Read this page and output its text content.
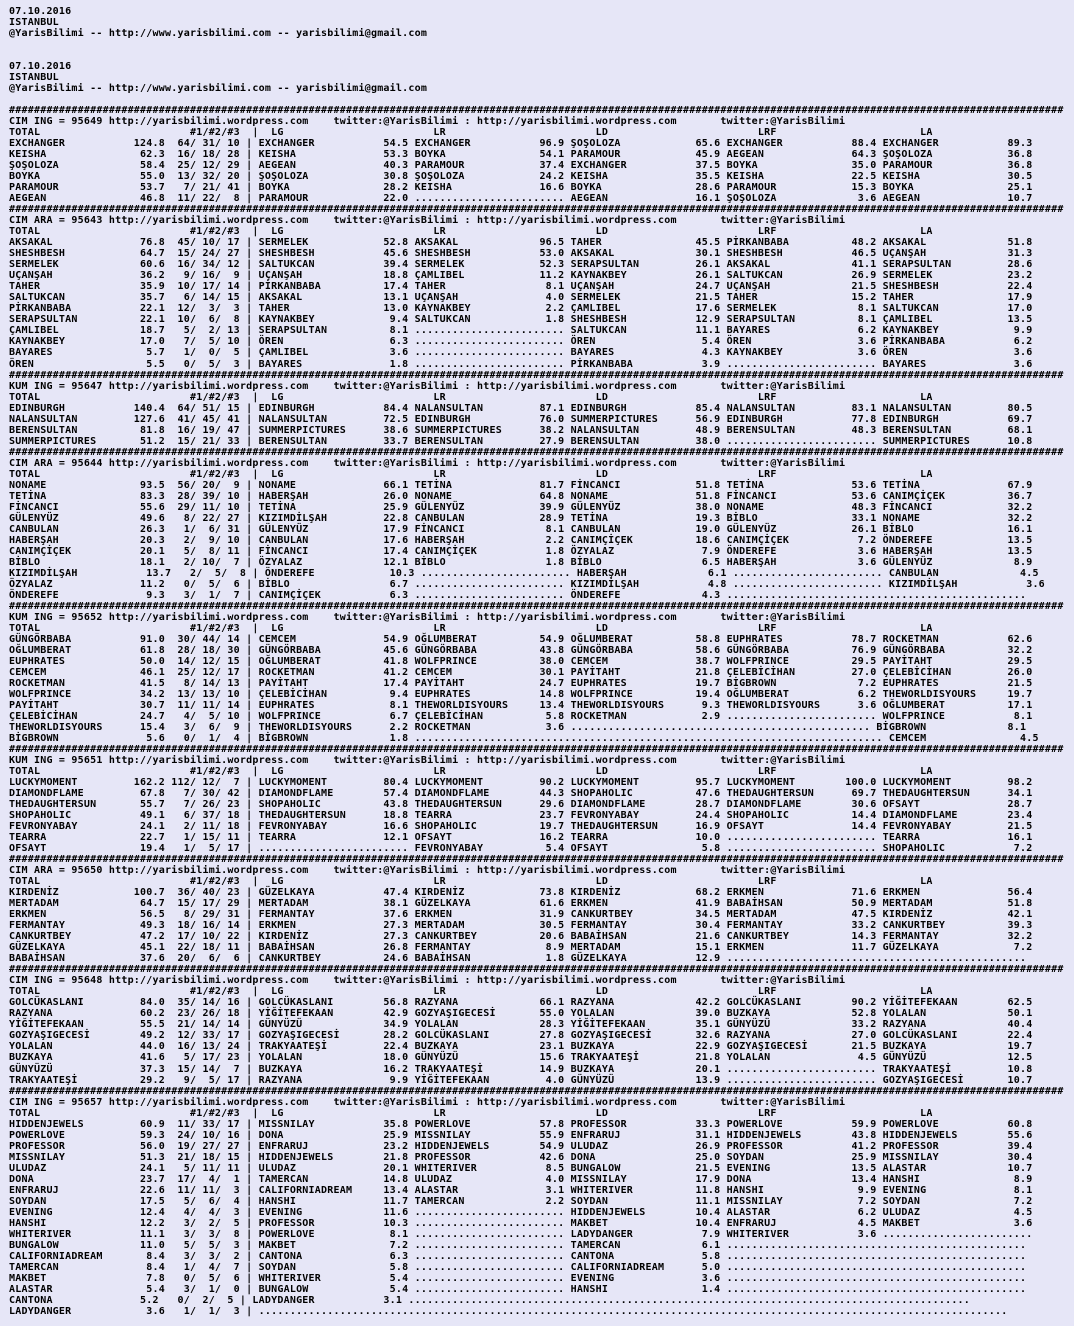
07.10.2016
ISTANBUL
@YarisBilimi -- http://www.yarisbilimi.com -- yarisbilimi@gmail.com

07.10.2016
ISTANBUL
@YarisBilimi -- http://www.yarisbilimi.com -- yarisbilimi@gmail.com

#########################################################################################################################################################################
CIM ING = 95649 http://yarisbilimi.wordpress.com    twitter:@YarisBilimi : http://yarisbilimi.wordpress.com       twitter:@YarisBilimi
TOTAL                        #1/#2/#3  |  LG                        LR                        LD                        LRF                       LA
EXCHANGER           124.8  64/ 31/ 10 | EXCHANGER           54.5 EXCHANGER           96.9 ŞOŞOLOZA            65.6 EXCHANGER           88.4 EXCHANGER           89.3
KEISHA               62.3  16/ 18/ 28 | KEISHA              53.3 BOYKA               54.1 PARAMOUR            45.9 AEGEAN              64.3 ŞOŞOLOZA            36.8
ŞOŞOLOZA             58.4  25/ 12/ 29 | AEGEAN              40.3 PARAMOUR            37.4 EXCHANGER           37.5 BOYKA               35.0 PARAMOUR            36.8
BOYKA                55.0  13/ 32/ 20 | ŞOŞOLOZA            30.8 ŞOŞOLOZA            24.2 KEISHA              35.5 KEISHA              22.5 KEISHA              30.5
PARAMOUR             53.7   7/ 21/ 41 | BOYKA               28.2 KEISHA              16.6 BOYKA               28.6 PARAMOUR            15.3 BOYKA               25.1
AEGEAN               46.8  11/ 22/  8 | PARAMOUR            22.0 ........................ AEGEAN              16.1 ŞOŞOLOZA             3.6 AEGEAN              10.7
#########################################################################################################################################################################
CIM ARA = 95643 http://yarisbilimi.wordpress.com    twitter:@YarisBilimi : http://yarisbilimi.wordpress.com       twitter:@YarisBilimi
TOTAL                        #1/#2/#3  |  LG                        LR                        LD                        LRF                       LA
AKSAKAL              76.8  45/ 10/ 17 | SERMELEK            52.8 AKSAKAL             96.5 TAHER               45.5 PİRKANBABA          48.2 AKSAKAL             51.8
SHESHBESH            64.7  15/ 24/ 27 | SHESHBESH           45.6 SHESHBESH           53.0 AKSAKAL             30.1 SHESHBESH           46.5 UÇANŞAH             31.3
SERMELEK             60.6  16/ 34/ 12 | SALTUKCAN           39.4 SERMELEK            52.3 SERAPSULTAN         26.1 AKSAKAL             41.1 SERAPSULTAN         28.6
UÇANŞAH              36.2   9/ 16/  9 | UÇANŞAH             18.8 ÇAMLIBEL            11.2 KAYNAKBEY           26.1 SALTUKCAN           26.9 SERMELEK            23.2
TAHER                35.9  10/ 17/ 14 | PİRKANBABA          17.4 TAHER                8.1 UÇANŞAH             24.7 UÇANŞAH             21.5 SHESHBESH           22.4
SALTUKCAN            35.7   6/ 14/ 15 | AKSAKAL             13.1 UÇANŞAH              4.0 SERMELEK            21.5 TAHER               15.2 TAHER               17.9
PİRKANBABA           22.1  12/  3/  3 | TAHER               13.0 KAYNAKBEY            2.2 ÇAMLIBEL            17.6 SERMELEK             8.1 SALTUKCAN           17.0
SERAPSULTAN          22.1  10/  6/  8 | KAYNAKBEY            9.4 SALTUKCAN            1.8 SHESHBESH           12.9 SERAPSULTAN          8.1 ÇAMLIBEL            13.5
ÇAMLIBEL             18.7   5/  2/ 13 | SERAPSULTAN          8.1 ........................ SALTUKCAN           11.1 BAYARES              6.2 KAYNAKBEY            9.9
KAYNAKBEY            17.0   7/  5/ 10 | ÖREN                 6.3 ........................ ÖREN                 5.4 ÖREN                 3.6 PİRKANBABA           6.2
BAYARES               5.7   1/  0/  5 | ÇAMLIBEL             3.6 ........................ BAYARES              4.3 KAYNAKBEY            3.6 ÖREN                 3.6
ÖREN                  5.5   0/  5/  3 | BAYARES              1.8 ........................ PİRKANBABA           3.9 ........................ BAYARES              3.6
#########################################################################################################################################################################
KUM ING = 95647 http://yarisbilimi.wordpress.com    twitter:@YarisBilimi : http://yarisbilimi.wordpress.com       twitter:@YarisBilimi
TOTAL                        #1/#2/#3  |  LG                        LR                        LD                        LRF                       LA
EDINBURGH           140.4  64/ 51/ 15 | EDINBURGH           84.4 NALANSULTAN         87.1 EDINBURGH           85.4 NALANSULTAN         83.1 NALANSULTAN         80.5
NALANSULTAN         127.6  41/ 45/ 41 | NALANSULTAN         72.5 EDINBURGH           76.0 SUMMERPICTURES      56.9 EDINBURGH           77.8 EDINBURGH           69.7
BERENSULTAN          81.8  16/ 19/ 47 | SUMMERPICTURES      38.6 SUMMERPICTURES      38.2 NALANSULTAN         48.9 BERENSULTAN         48.3 BERENSULTAN         68.1
SUMMERPICTURES       51.2  15/ 21/ 33 | BERENSULTAN         33.7 BERENSULTAN         27.9 BERENSULTAN         38.0 ........................ SUMMERPICTURES      10.8
#########################################################################################################################################################################
CIM ARA = 95644 http://yarisbilimi.wordpress.com    twitter:@YarisBilimi : http://yarisbilimi.wordpress.com       twitter:@YarisBilimi
TOTAL                        #1/#2/#3  |  LG                        LR                        LD                        LRF                       LA
NONAME               93.5  56/ 20/  9 | NONAME              66.1 TETİNA              81.7 FİNCANCI            51.8 TETİNA              53.6 TETİNA              67.9
TETİNA               83.3  28/ 39/ 10 | HABERŞAH            26.0 NONAME              64.8 NONAME              51.8 FİNCANCI            53.6 CANIMÇİÇEK          36.7
FİNCANCI             55.6  29/ 11/ 10 | TETİNA              25.9 GÜLENYÜZ            39.9 GÜLENYÜZ            38.0 NONAME              48.3 FİNCANCI            32.2
GÜLENYÜZ             49.6   8/ 22/ 27 | KIZIMDİLŞAH         22.8 CANBULAN            28.9 TETİNA              19.3 BİBLO               33.1 NONAME              32.2
CANBULAN             26.3   1/  6/ 31 | GÜLENYÜZ            17.9 FİNCANCI             8.1 CANBULAN            19.0 GÜLENYÜZ            26.1 BİBLO               16.1
HABERŞAH             20.3   2/  9/ 10 | CANBULAN            17.6 HABERŞAH             2.2 CANIMÇİÇEK          18.6 CANIMÇİÇEK           7.2 ÖNDEREFE            13.5
CANIMÇİÇEK           20.1   5/  8/ 11 | FİNCANCI            17.4 CANIMÇİÇEK           1.8 ÖZYALAZ              7.9 ÖNDEREFE             3.6 HABERŞAH            13.5
BİBLO                18.1   2/ 10/  7 | ÖZYALAZ             12.1 BİBLO                1.8 BİBLO                6.5 HABERŞAH             3.6 GÜLENYÜZ             8.9
KIZIMDİLŞAH           13.7   2/  5/  8 | ÖNDEREFE            10.3 ........................ HABERŞAH             6.1 ........................ CANBULAN             4.5
ÖZYALAZ              11.2   0/  5/  6 | BİBLO                6.7 ........................ KIZIMDİLŞAH           4.8 ........................ KIZIMDİLŞAH           3.6
ÖNDEREFE              9.3   3/  1/  7 | CANIMÇİÇEK           6.3 ........................ ÖNDEREFE             4.3 ................................................
#########################################################################################################################################################################
KUM ING = 95652 http://yarisbilimi.wordpress.com    twitter:@YarisBilimi : http://yarisbilimi.wordpress.com       twitter:@YarisBilimi
TOTAL                        #1/#2/#3  |  LG                        LR                        LD                        LRF                       LA
GÜNGÖRBABA           91.0  30/ 44/ 14 | CEMCEM              54.9 OĞLUMBERAT          54.9 OĞLUMBERAT          58.8 EUPHRATES           78.7 ROCKETMAN           62.6
OĞLUMBERAT           61.8  28/ 18/ 30 | GÜNGÖRBABA          45.6 GÜNGÖRBABA          43.8 GÜNGÖRBABA          58.6 GÜNGÖRBABA          76.9 GÜNGÖRBABA          32.2
EUPHRATES            50.0  14/ 12/ 15 | OĞLUMBERAT          41.8 WOLFPRINCE          38.0 CEMCEM              38.7 WOLFPRINCE          29.5 PAYİTAHT            29.5
CEMCEM               46.1  25/ 12/ 17 | ROCKETMAN           41.2 CEMCEM              30.1 PAYİTAHT            21.8 ÇELEBİCİHAN         27.0 ÇELEBİCİHAN         26.0
ROCKETMAN            41.5   8/ 14/ 13 | PAYİTAHT            17.4 PAYİTAHT            24.7 EUPHRATES           19.7 BİGBROWN             7.2 EUPHRATES           21.5
WOLFPRINCE           34.2  13/ 13/ 10 | ÇELEBİCİHAN          9.4 EUPHRATES           14.8 WOLFPRINCE          19.4 OĞLUMBERAT           6.2 THEWORLDISYOURS     19.7
PAYİTAHT             30.7  11/ 11/ 14 | EUPHRATES            8.1 THEWORLDISYOURS     13.4 THEWORLDISYOURS      9.3 THEWORLDISYOURS      3.6 OĞLUMBERAT          17.1
ÇELEBİCİHAN          24.7   4/  5/ 10 | WOLFPRINCE           6.7 ÇELEBİCİHAN          5.8 ROCKETMAN            2.9 ........................ WOLFPRINCE           8.1
THEWORLDISYOURS      15.4   3/  6/  9 | THEWORLDISYOURS      2.2 ROCKETMAN            3.6 ................................................ BİGBROWN             8.1
BİGBROWN              5.6   0/  1/  4 | BİGBROWN             1.8 ........................................................................... CEMCEM               4.5
#########################################################################################################################################################################
KUM ING = 95651 http://yarisbilimi.wordpress.com    twitter:@YarisBilimi : http://yarisbilimi.wordpress.com       twitter:@YarisBilimi
TOTAL                        #1/#2/#3  |  LG                        LR                        LD                        LRF                       LA
LUCKYMOMENT         162.2 112/ 12/  7 | LUCKYMOMENT         80.4 LUCKYMOMENT         90.2 LUCKYMOMENT         95.7 LUCKYMOMENT        100.0 LUCKYMOMENT         98.2
DIAMONDFLAME         67.8   7/ 30/ 42 | DIAMONDFLAME        57.4 DIAMONDFLAME        44.3 SHOPAHOLIC          47.6 THEDAUGHTERSUN      69.7 THEDAUGHTERSUN      34.1
THEDAUGHTERSUN       55.7   7/ 26/ 23 | SHOPAHOLIC          43.8 THEDAUGHTERSUN      29.6 DIAMONDFLAME        28.7 DIAMONDFLAME        30.6 OFSAYT              28.7
SHOPAHOLIC           49.1   6/ 37/ 18 | THEDAUGHTERSUN      18.8 TEARRA              23.7 FEVRONYABAY         24.4 SHOPAHOLIC          14.4 DIAMONDFLAME        23.4
FEVRONYABAY          24.1   2/ 11/ 18 | FEVRONYABAY         16.6 SHOPAHOLIC          19.7 THEDAUGHTERSUN      16.9 OFSAYT              14.4 FEVRONYABAY         21.5
TEARRA               22.7   1/ 15/ 11 | TEARRA              12.1 OFSAYT              16.2 TEARRA              10.0 ........................ TEARRA              16.1
OFSAYT               19.4   1/  5/ 17 | ........................ FEVRONYABAY          5.4 OFSAYT               5.8 ........................ SHOPAHOLIC           7.2
#########################################################################################################################################################################
CIM ARA = 95650 http://yarisbilimi.wordpress.com    twitter:@YarisBilimi : http://yarisbilimi.wordpress.com       twitter:@YarisBilimi
TOTAL                        #1/#2/#3  |  LG                        LR                        LD                        LRF                       LA
KIRDENİZ            100.7  36/ 40/ 23 | GÜZELKAYA           47.4 KIRDENİZ            73.8 KIRDENİZ            68.2 ERKMEN              71.6 ERKMEN              56.4
MERTADAM             64.7  15/ 17/ 29 | MERTADAM            38.1 GÜZELKAYA           61.6 ERKMEN              41.9 BABAİHSAN           50.9 MERTADAM            51.8
ERKMEN               56.5   8/ 29/ 31 | FERMANTAY           37.6 ERKMEN              31.9 CANKURTBEY          34.5 MERTADAM            47.5 KIRDENİZ            42.1
FERMANTAY            49.3  18/ 16/ 14 | ERKMEN              27.3 MERTADAM            30.5 FERMANTAY           30.4 FERMANTAY           33.2 CANKURTBEY          39.3
CANKURTBEY           47.2  17/ 10/ 22 | KIRDENİZ            27.3 CANKURTBEY          20.6 BABAİHSAN           21.6 CANKURTBEY          14.3 FERMANTAY           32.2
GÜZELKAYA            45.1  22/ 18/ 11 | BABAİHSAN           26.8 FERMANTAY            8.9 MERTADAM            15.1 ERKMEN              11.7 GÜZELKAYA            7.2
BABAİHSAN            37.6  20/  6/  6 | CANKURTBEY          24.6 BABAİHSAN            1.8 GÜZELKAYA           12.9 ................................................
#########################################################################################################################################################################
CIM ING = 95648 http://yarisbilimi.wordpress.com    twitter:@YarisBilimi : http://yarisbilimi.wordpress.com       twitter:@YarisBilimi
TOTAL                        #1/#2/#3  |  LG                        LR                        LD                        LRF                       LA
GOLCÜKASLANI         84.0  35/ 14/ 16 | GOLCÜKASLANI        56.8 RAZYANA             66.1 RAZYANA             42.2 GOLCÜKASLANI        90.2 YİĞİTEFEKAAN        62.5
RAZYANA              60.2  23/ 26/ 18 | YİĞİTEFEKAAN        42.9 GOZYAŞIGECESİ       55.0 YOLALAN             39.0 BUZKAYA             52.8 YOLALAN             50.1
YİĞİTEFEKAAN         55.5  21/ 14/ 14 | GÜNYÜZÜ             34.9 YOLALAN             28.3 YİĞİTEFEKAAN        35.1 GÜNYÜZÜ             33.2 RAZYANA             40.4
GOZYAŞIGECESİ        49.2  12/ 33/ 17 | GOZYAŞIGECESİ       28.2 GOLCÜKASLANI        27.8 GOZYAŞIGECESİ       32.6 RAZYANA             27.0 GOLCÜKASLANI        22.4
YOLALAN              44.0  16/ 13/ 24 | TRAKYAATEŞİ         22.4 BUZKAYA             23.1 BUZKAYA             22.9 GOZYAŞIGECESİ       21.5 BUZKAYA             19.7
BUZKAYA              41.6   5/ 17/ 23 | YOLALAN             18.0 GÜNYÜZÜ             15.6 TRAKYAATEŞİ         21.8 YOLALAN              4.5 GÜNYÜZÜ             12.5
GÜNYÜZÜ              37.3  15/ 14/  7 | BUZKAYA             16.2 TRAKYAATEŞİ         14.9 BUZKAYA             20.1 ........................ TRAKYAATEŞİ         10.8
TRAKYAATEŞİ          29.2   9/  5/ 17 | RAZYANA              9.9 YİĞİTEFEKAAN         4.0 GÜNYÜZÜ             13.9 ........................ GOZYAŞIGECESİ       10.7
#########################################################################################################################################################################
CIM ING = 95657 http://yarisbilimi.wordpress.com    twitter:@YarisBilimi : http://yarisbilimi.wordpress.com       twitter:@YarisBilimi
TOTAL                        #1/#2/#3  |  LG                        LR                        LD                        LRF                       LA
HIDDENJEWELS         60.9  11/ 33/ 17 | MISSNILAY           35.8 POWERLOVE           57.8 PROFESSOR           33.3 POWERLOVE           59.9 POWERLOVE           60.8
POWERLOVE            59.3  24/ 10/ 16 | DONA                25.9 MISSNILAY           55.9 ENFRARUJ            31.1 HIDDENJEWELS        43.8 HIDDENJEWELS        55.6
PROFESSOR            56.0  19/ 27/ 27 | ENFRARUJ            23.2 HIDDENJEWELS        54.9 ULUDAZ              26.9 PROFESSOR           41.2 PROFESSOR           39.4
MISSNILAY            51.3  21/ 18/ 15 | HIDDENJEWELS        21.8 PROFESSOR           42.6 DONA                25.0 SOYDAN              25.9 MISSNILAY           30.4
ULUDAZ               24.1   5/ 11/ 11 | ULUDAZ              20.1 WHITERIVER           8.5 BUNGALOW            21.5 EVENING             13.5 ALASTAR             10.7
DONA                 23.7  17/  4/  1 | TAMERCAN            14.8 ULUDAZ               4.0 MISSNILAY           17.9 DONA                13.4 HANSHI               8.9
ENFRARUJ             22.6  11/ 11/  3 | CALIFORNIADREAM     13.4 ALASTAR              3.1 WHITERIVER          11.8 HANSHI               9.9 EVENING              8.1
SOYDAN               17.5   5/  6/  4 | HANSHI              11.7 TAMERCAN             2.2 SOYDAN              11.1 MISSNILAY            7.2 SOYDAN               7.2
EVENING              12.4   4/  4/  3 | EVENING             11.6 ........................ HIDDENJEWELS        10.4 ALASTAR              6.2 ULUDAZ               4.5
HANSHI               12.2   3/  2/  5 | PROFESSOR           10.3 ........................ MAKBET              10.4 ENFRARUJ             4.5 MAKBET               3.6
WHITERIVER           11.1   3/  3/  8 | POWERLOVE            8.1 ........................ LADYDANGER           7.9 WHITERIVER           3.6 ........................
BUNGALOW             11.0   5/  5/  3 | MAKBET               7.2 ........................ TAMERCAN             6.1 ................................................
CALIFORNIADREAM       8.4   3/  3/  2 | CANTONA              6.3 ........................ CANTONA              5.8 ................................................
TAMERCAN              8.4   1/  4/  7 | SOYDAN               5.8 ........................ CALIFORNIADREAM      5.0 ................................................
MAKBET                7.8   0/  5/  6 | WHITERIVER           5.4 ........................ EVENING              3.6 ................................................
ALASTAR               5.4   3/  1/  0 | BUNGALOW             5.4 ........................ HANSHI               1.4 ................................................
CANTONA              5.2   0/  2/  5 | LADYDANGER           3.1 ..........................................................................................
LADYDANGER            3.6   1/  1/  3 | ........................................................................................................................
